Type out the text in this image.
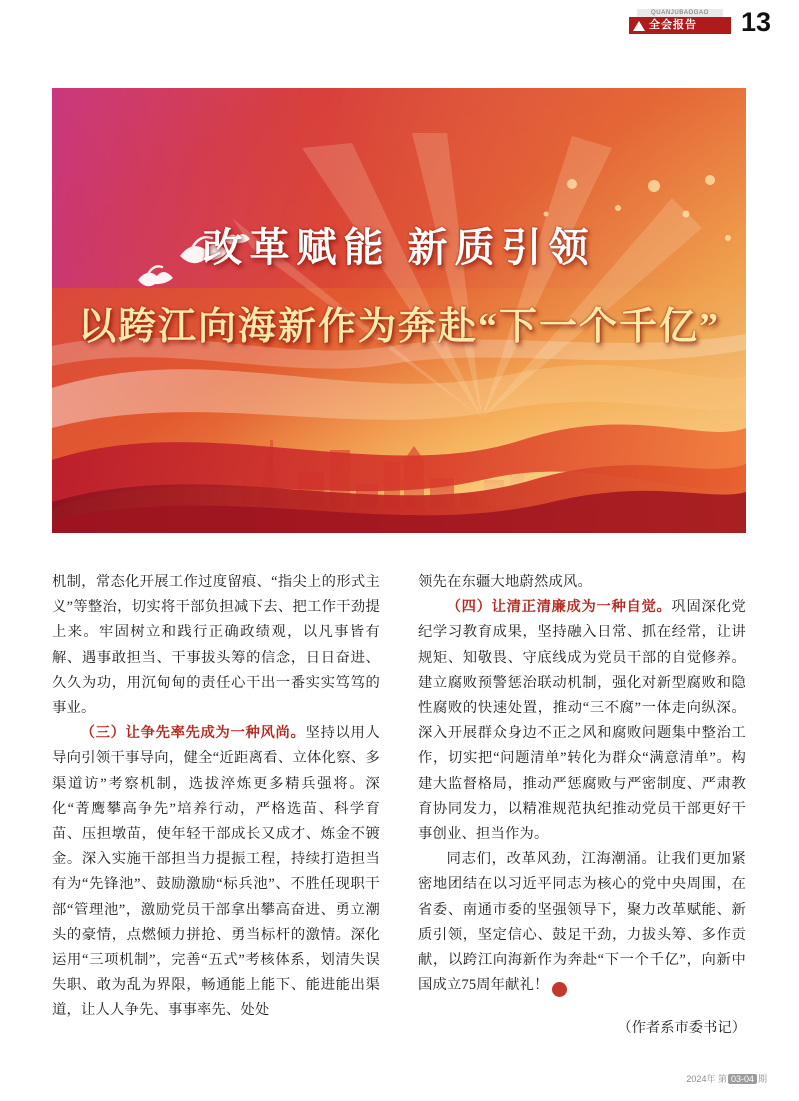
QUANJUBAOGAO
全会报告 13
改革赋能 新质引领
以跨江向海新作为奔赴“下一个千亿”

机制，常态化开展工作过度留痕、“指尖上的形式主义”等整治，切实将干部负担减下去、把工作干劲提上来。牢固树立和践行正确政绩观，以凡事皆有解、遇事敢担当、干事拔头筹的信念，日日奋进、久久为功，用沉甸甸的责任心干出一番实实笃笃的事业。

（三）让争先率先成为一种风尚。坚持以用人导向引领干事导向，健全“近距离看、立体化察、多渠道访”考察机制，选拔淬炼更多精兵强将。深化“菁鹰攀高争先”培养行动，严格选苗、科学育苗、压担墩苗，使年轻干部成长又成才、炼金不镀金。深入实施干部担当力提振工程，持续打造担当有为“先锋池”、鼓励激励“标兵池”、不胜任现职干部“管理池”，激励党员干部拿出攀高奋进、勇立潮头的豪情，点燃倾力拼抢、勇当标杆的激情。深化运用“三项机制”，完善“五式”考核体系，划清失误失职、敢为乱为界限，畅通能上能下、能进能出渠道，让人人争先、事事率先、处处

领先在东疆大地蔚然成风。

（四）让清正清廉成为一种自觉。巩固深化党纪学习教育成果，坚持融入日常、抓在经常，让讲规矩、知敬畏、守底线成为党员干部的自觉修养。建立腐败预警惩治联动机制，强化对新型腐败和隐性腐败的快速处置，推动“三不腐”一体走向纵深。深入开展群众身边不正之风和腐败问题集中整治工作，切实把“问题清单”转化为群众“满意清单”。构建大监督格局，推动严惩腐败与严密制度、严肃教育协同发力，以精准规范执纪推动党员干部更好干事创业、担当作为。

同志们，改革风劲，江海潮涌。让我们更加紧密地团结在以习近平同志为核心的党中央周围，在省委、南通市委的坚强领导下，聚力改革赋能、新质引领，坚定信心、鼓足干劲，力拔头筹、多作贡献，以跨江向海新作为奔赴“下一个千亿”，向新中国成立75周年献礼！	印

（作者系市委书记）
2024年 第 03-04 期
